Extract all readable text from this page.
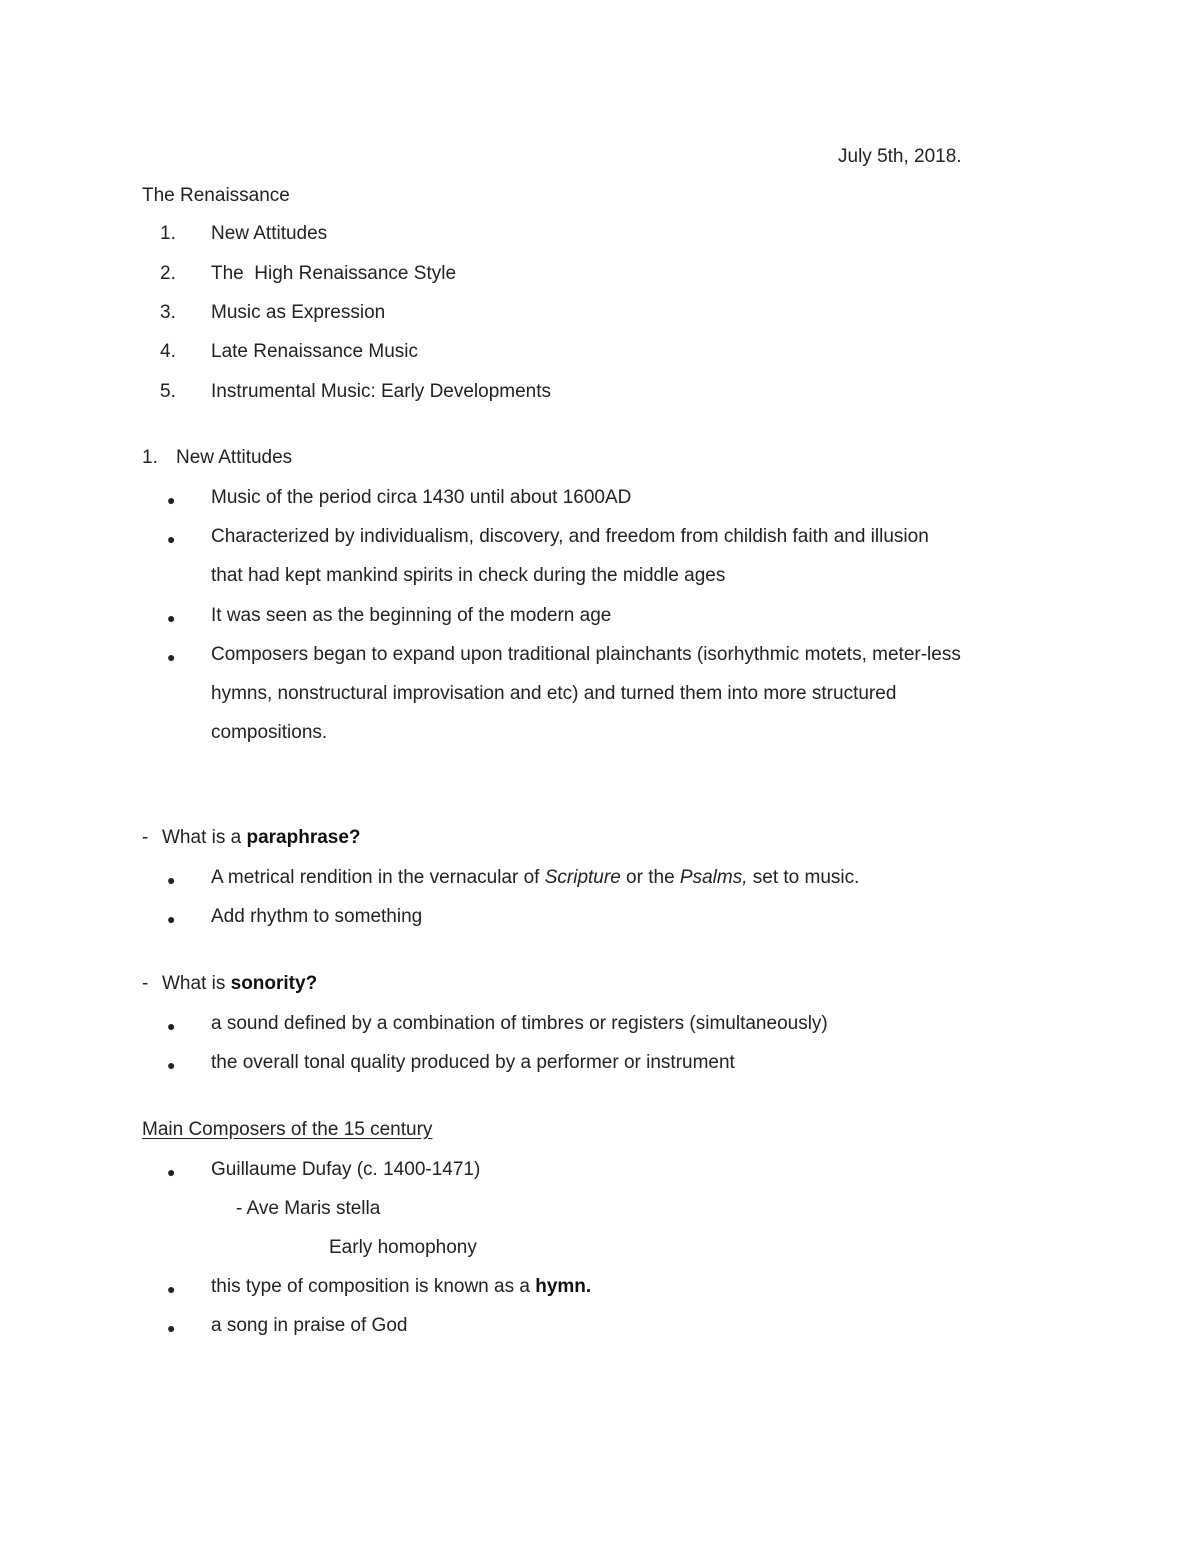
July 5th, 2018.
The Renaissance
1. New Attitudes
2. The  High Renaissance Style
3. Music as Expression
4. Late Renaissance Music
5. Instrumental Music: Early Developments
1. New Attitudes
● Music of the period circa 1430 until about 1600AD
● Characterized by individualism, discovery, and freedom from childish faith and illusion
that had kept mankind spirits in check during the middle ages
● It was seen as the beginning of the modern age
● Composers began to expand upon traditional plainchants (isorhythmic motets, meter-less
hymns, nonstructural improvisation and etc) and turned them into more structured
compositions.
- What is a paraphrase?
● A metrical rendition in the vernacular of Scripture or the Psalms, set to music.
● Add rhythm to something
- What is sonority?
● a sound defined by a combination of timbres or registers (simultaneously)
● the overall tonal quality produced by a performer or instrument
Main Composers of the 15 century
● Guillaume Dufay (c. 1400-1471)
- Ave Maris stella
Early homophony
● this type of composition is known as a hymn.
● a song in praise of God
